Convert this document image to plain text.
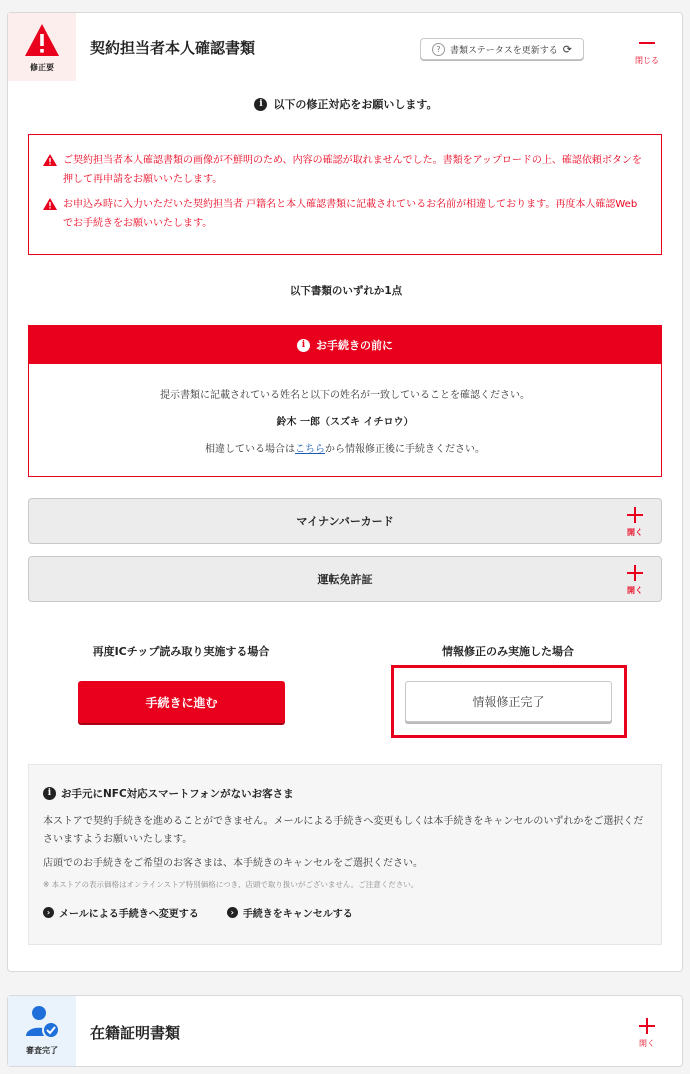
修正要
契約担当者本人確認書類	?	書類ステータスを更新する ⟳
閉じる
i 以下の修正対応をお願いします。
ご契約担当者本人確認書類の画像が不鮮明のため、内容の確認が取れませんでした。書類をアップロードの上、確認依頼ボタンを押して再申請をお願いいたします。
お申込み時に入力いただいた契約担当者 戸籍名と本人確認書類に記載されているお名前が相違しております。再度本人確認Webでお手続きをお願いいたします。
以下書類のいずれか1点
i お手続きの前に

提示書類に記載されている姓名と以下の姓名が一致していることを確認ください。

鈴木 一郎（スズキ イチロウ）

相違している場合はこちらから情報修正後に手続きください。

マイナンバーカード
開く
運転免許証
開く
再度ICチップ読み取り実施する場合
手続きに進む
情報修正のみ実施した場合
情報修正完了
i お手元にNFC対応スマートフォンがないお客さま

本ストアで契約手続きを進めることができません。メールによる手続きへ変更もしくは本手続きをキャンセルのいずれかをご選択くださいますようお願いいたします。

店頭でのお手続きをご希望のお客さまは、本手続きのキャンセルをご選択ください。

※ 本ストアの表示価格はオンラインストア特別価格につき、店頭で取り扱いがございません。ご注意ください。

› メールによる手続きへ変更する	› 手続きをキャンセルする
審査完了
在籍証明書類
開く
